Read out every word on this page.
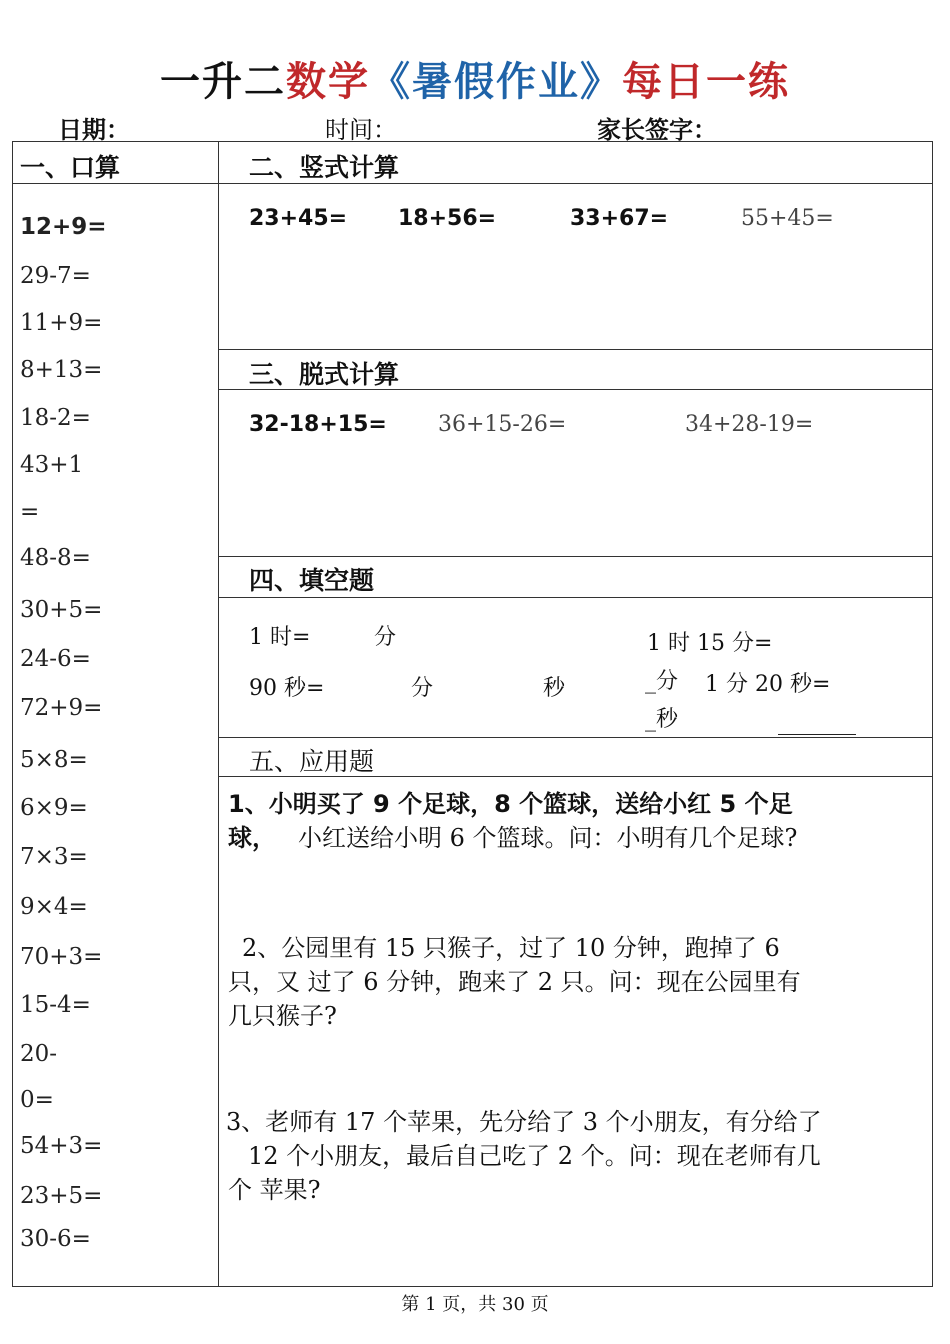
一升二数学《暑假作业》每日一练
日期：	时间：	家长签字：
一、口算	二、竖式计算
三、脱式计算
四、填空题
五、应用题
12+9=
29-7=
11+9=
8+13=
18-2=
43+1
=
48-8=
30+5=
24-6=
72+9=
5×8=
6×9=
7×3=
9×4=
70+3=
15-4=
20-
0=
54+3=
23+5=
30-6=
23+45= 18+56=	33+67=	55+45=
32-18+15= 36+15-26=	34+28-19=
1 时=	分
90 秒=	分	秒
1 时 15 分=
_分 1 分 20 秒=
_秒
1、小明买了 9 个足球，8 个篮球，送给小红 5 个足
球， 小红送给小明 6 个篮球。问：小明有几个足球?
2、公园里有 15 只猴子，过了 10 分钟，跑掉了 6
只，又 过了 6 分钟，跑来了 2 只。问：现在公园里有
几只猴子?
3、老师有 17 个苹果，先分给了 3 个小朋友，有分给了
12 个小朋友，最后自己吃了 2 个。问：现在老师有几
个 苹果?
第 1 页，共 30 页
